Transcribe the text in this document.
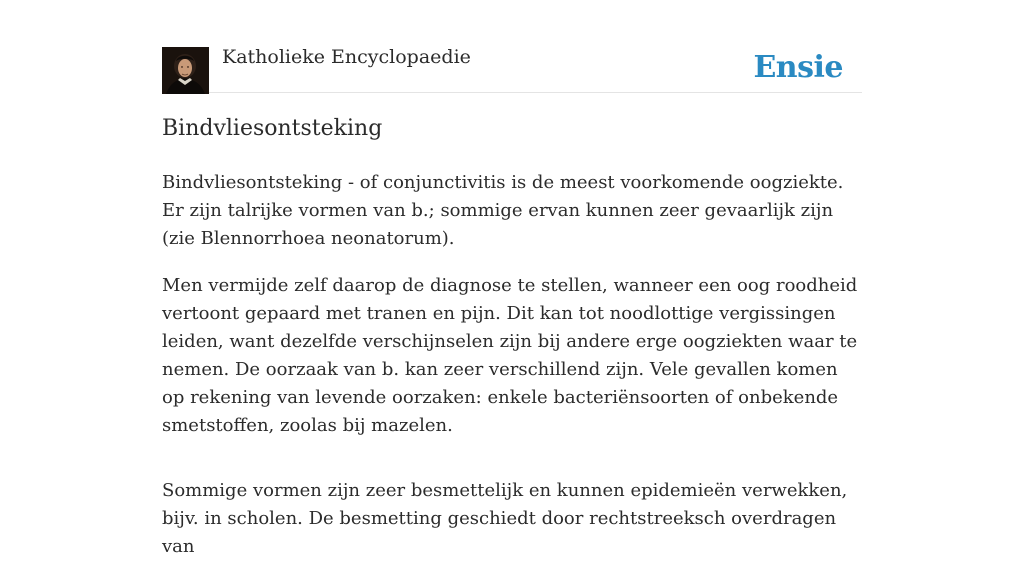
Katholieke Encyclopaedie	Ensie
Bindvliesontsteking

Bindvliesontsteking - of conjunctivitis is de meest voorkomende oogziekte. Er zijn talrijke vormen van b.; sommige ervan kunnen zeer gevaarlijk zijn (zie Blennorrhoea neonatorum).

Men vermijde zelf daarop de diagnose te stellen, wanneer een oog roodheid vertoont gepaard met tranen en pijn. Dit kan tot noodlottige vergissingen leiden, want dezelfde verschijnselen zijn bij andere erge oogziekten waar te nemen. De oorzaak van b. kan zeer verschillend zijn. Vele gevallen komen op rekening van levende oorzaken: enkele bacteriënsoorten of onbekende smetstoffen, zoolas bij mazelen.

Sommige vormen zijn zeer besmettelijk en kunnen epidemieën verwekken, bijv. in scholen. De besmetting geschiedt door rechtstreeksch overdragen van
